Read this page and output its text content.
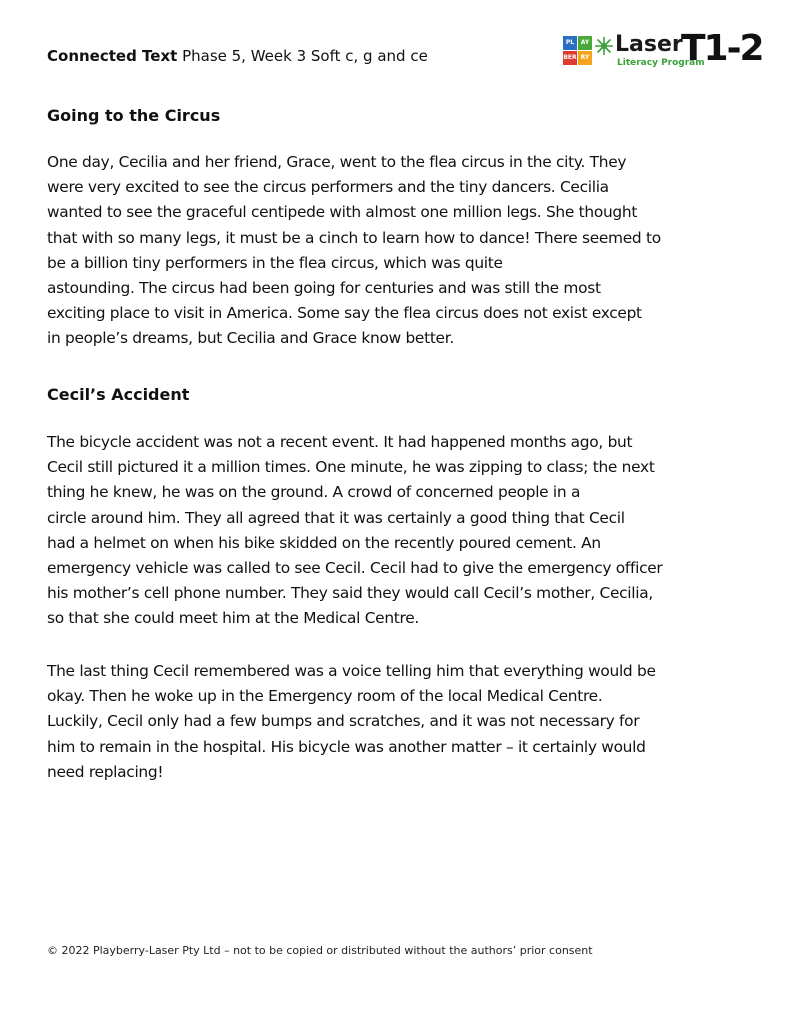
Connected Text Phase 5, Week 3 Soft c, g and ce
PL	AY
BER RY
Laser
Literacy Program
T1-2
Going to the Circus
One day, Cecilia and her friend, Grace, went to the flea circus in the city. They
were very excited to see the circus performers and the tiny dancers. Cecilia
wanted to see the graceful centipede with almost one million legs. She thought
that with so many legs, it must be a cinch to learn how to dance! There seemed to
be a billion tiny performers in the flea circus, which was quite
astounding. The circus had been going for centuries and was still the most
exciting place to visit in America. Some say the flea circus does not exist except
in people’s dreams, but Cecilia and Grace know better.
Cecil’s Accident
The bicycle accident was not a recent event. It had happened months ago, but
Cecil still pictured it a million times. One minute, he was zipping to class; the next
thing he knew, he was on the ground. A crowd of concerned people in a
circle around him. They all agreed that it was certainly a good thing that Cecil
had a helmet on when his bike skidded on the recently poured cement. An
emergency vehicle was called to see Cecil. Cecil had to give the emergency officer
his mother’s cell phone number. They said they would call Cecil’s mother, Cecilia,
so that she could meet him at the Medical Centre.
The last thing Cecil remembered was a voice telling him that everything would be
okay. Then he woke up in the Emergency room of the local Medical Centre.
Luckily, Cecil only had a few bumps and scratches, and it was not necessary for
him to remain in the hospital. His bicycle was another matter – it certainly would
need replacing!
© 2022 Playberry-Laser Pty Ltd – not to be copied or distributed without the authors’ prior consent
